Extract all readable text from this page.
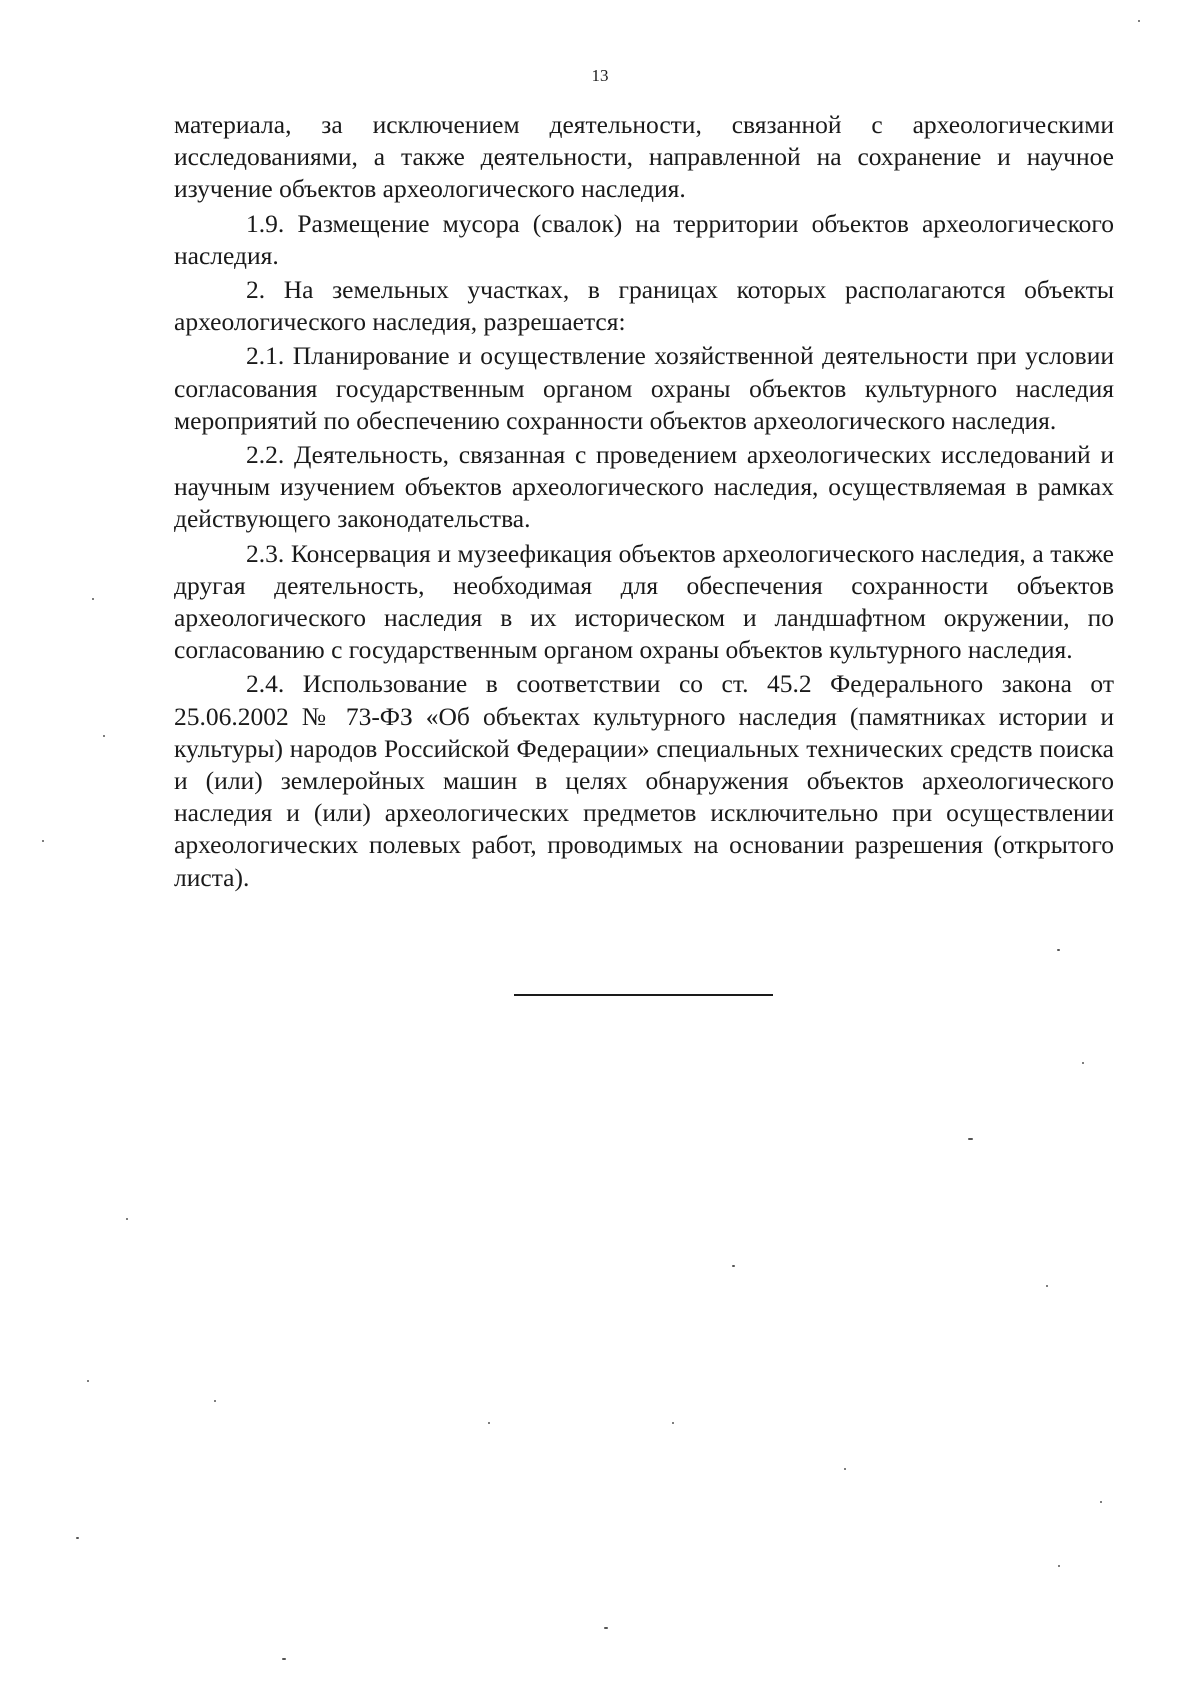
13

материала, за исключением деятельности, связанной с археологическими исследованиями, а также деятельности, направленной на сохранение и научное изучение объектов археологического наследия.

1.9. Размещение мусора (свалок) на территории объектов археологического наследия.

2. На земельных участках, в границах которых располагаются объекты археологического наследия, разрешается:

2.1. Планирование и осуществление хозяйственной деятельности при условии согласования государственным органом охраны объектов культурного наследия мероприятий по обеспечению сохранности объектов археологического наследия.

2.2. Деятельность, связанная с проведением археологических исследований и научным изучением объектов археологического наследия, осуществляемая в рамках действующего законодательства.

2.3. Консервация и музеефикация объектов археологического наследия, а также другая деятельность, необходимая для обеспечения сохранности объектов археологического наследия в их историческом и ландшафтном окружении, по согласованию с государственным органом охраны объектов культурного наследия.

2.4. Использование в соответствии со ст. 45.2 Федерального закона от 25.06.2002 № 73-ФЗ «Об объектах культурного наследия (памятниках истории и культуры) народов Российской Федерации» специальных технических средств поиска и (или) землеройных машин в целях обнаружения объектов археологического наследия и (или) археологических предметов исключительно при осуществлении археологических полевых работ, проводимых на основании разрешения (открытого листа).
